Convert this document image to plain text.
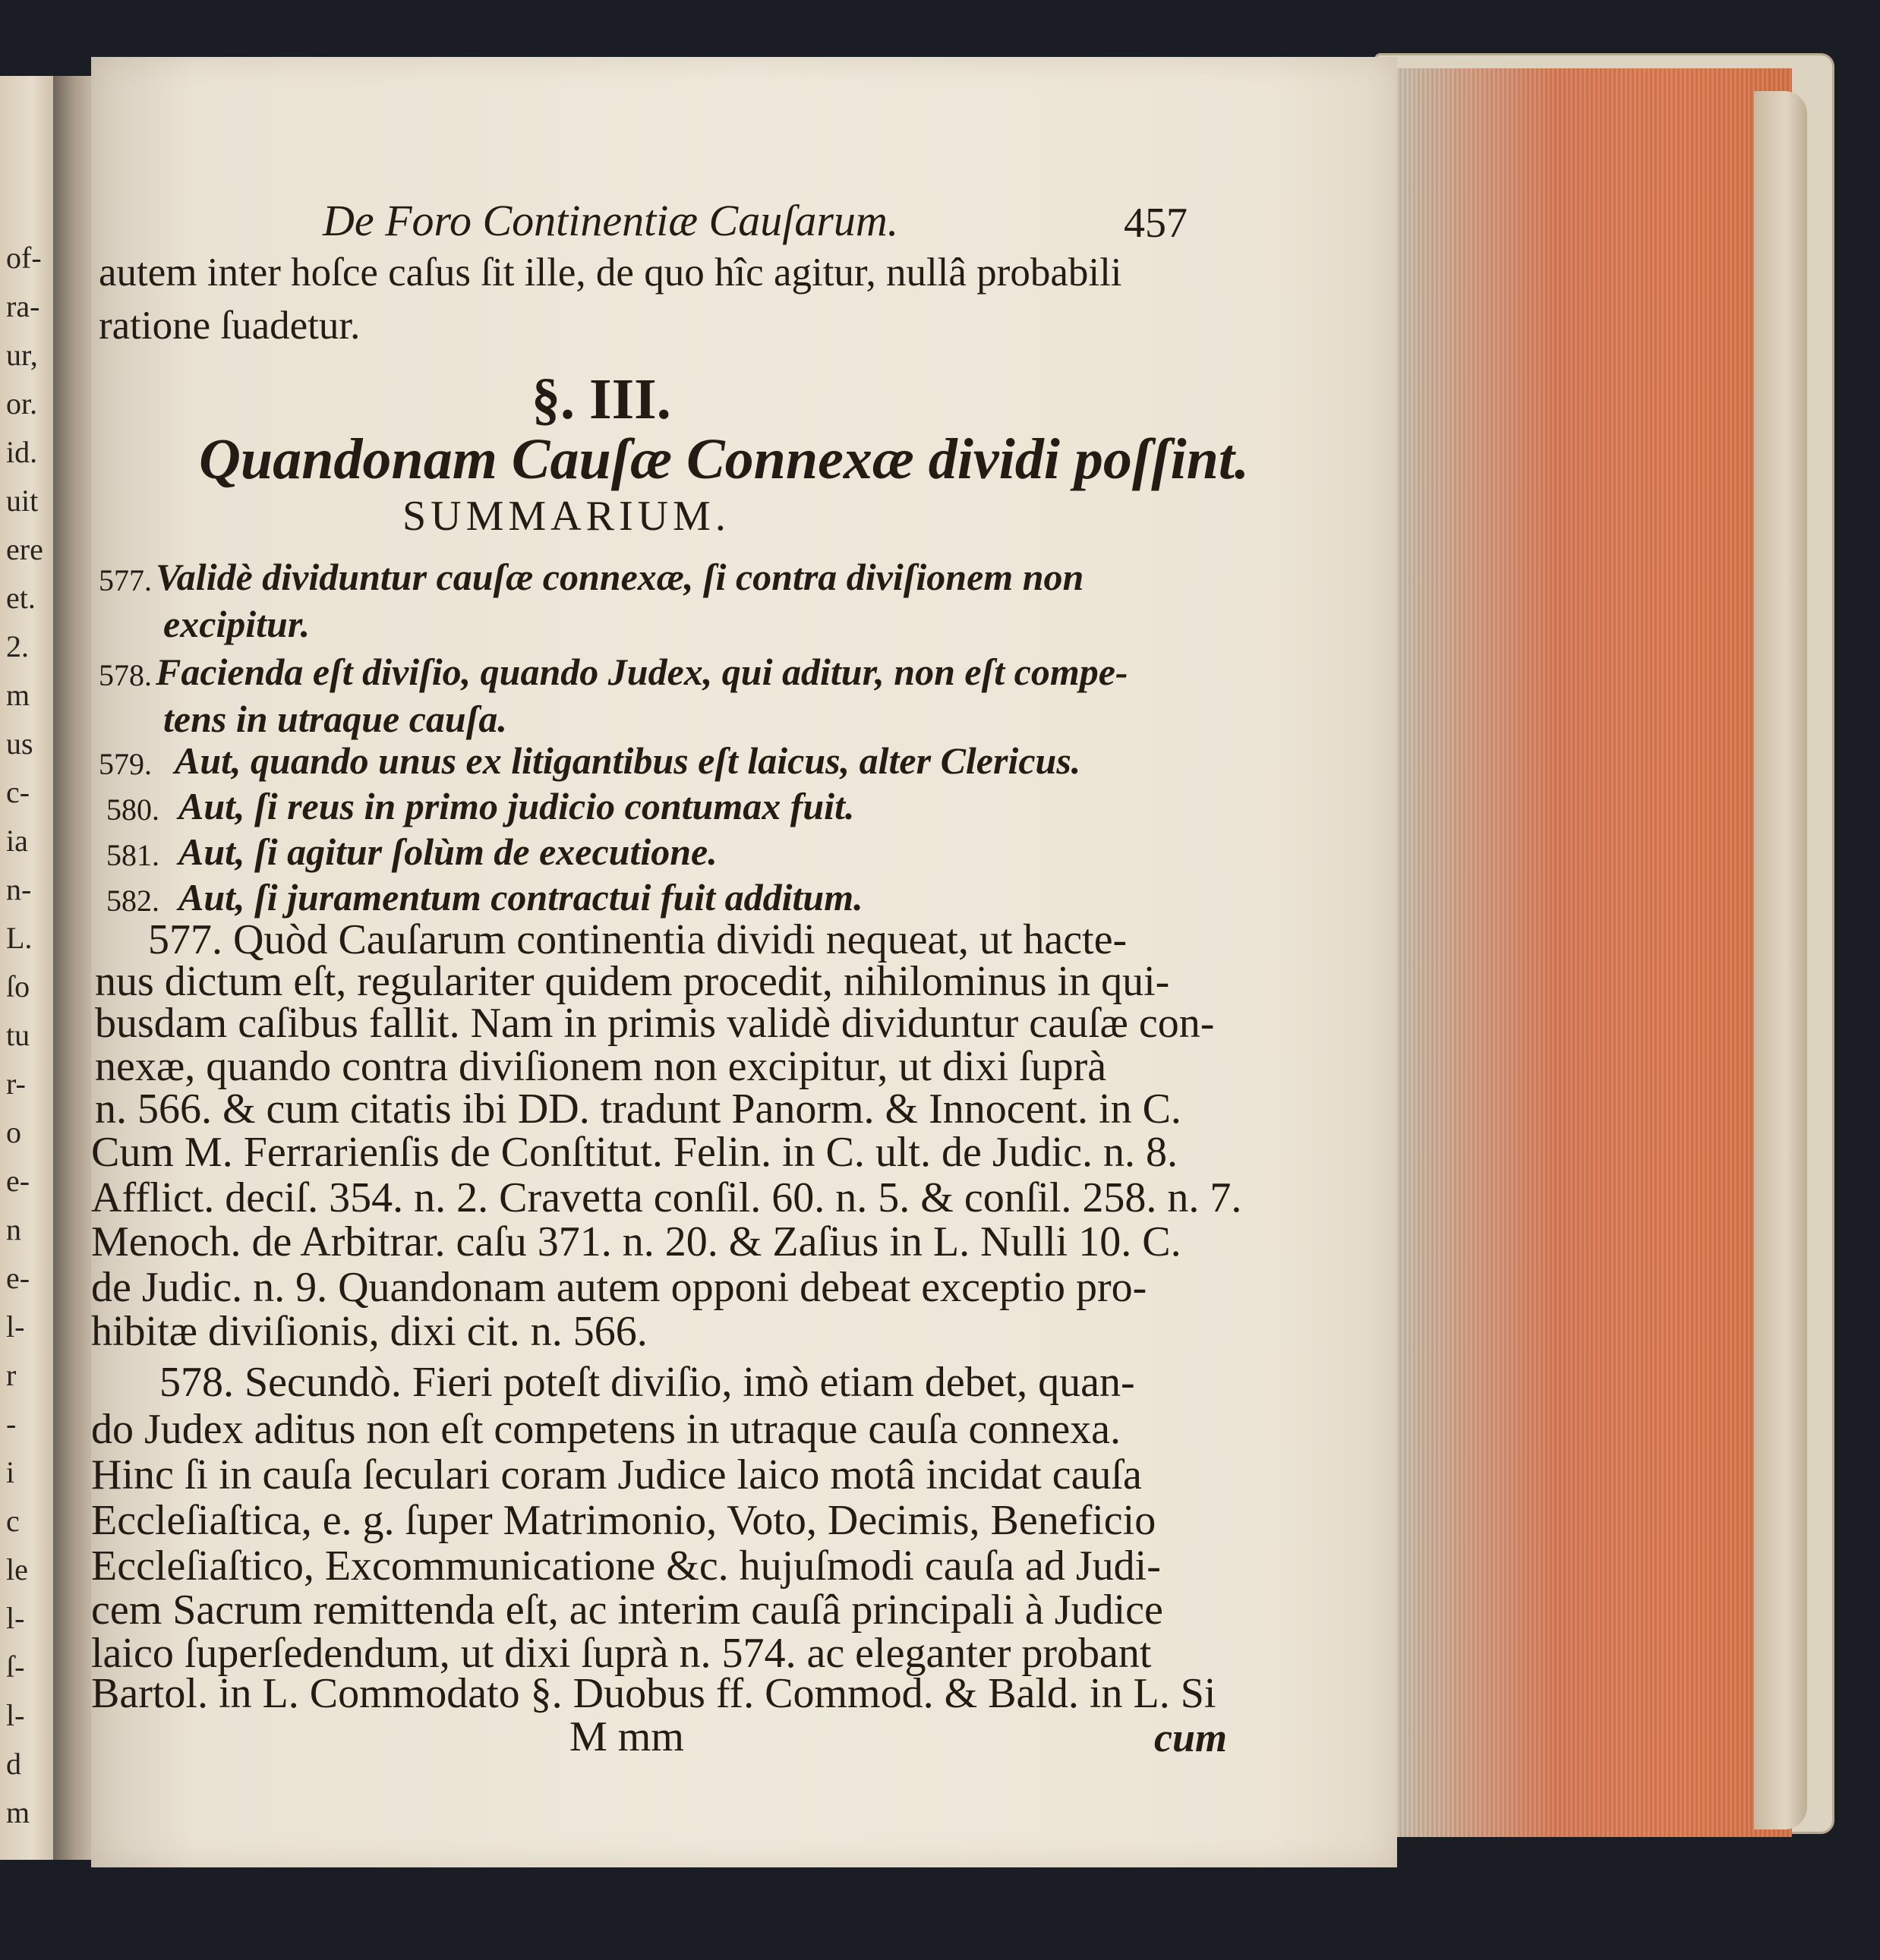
of-
ra-
ur,
or.
id.
uit
ere
et.
2.
m
us
c-
ia
n-
L.
ſo
tu
r-
o
e-
n
e-
l-
r
-
i
c
le
l-
ſ-
l-
d
m
De Foro Continentiæ Cauſarum.	457
autem inter hoſce caſus ſit ille, de quo hîc agitur, nullâ probabili
ratione ſuadetur.
§. III.
Quandonam Cauſæ Connexæ dividi poſſint.
SUMMARIUM.
577. Validè dividuntur cauſæ connexæ, ſi contra diviſionem non
excipitur.
578. Facienda eſt diviſio, quando Judex, qui aditur, non eſt compe-
tens in utraque cauſa.
579. Aut, quando unus ex litigantibus eſt laicus, alter Clericus.
580. Aut, ſi reus in primo judicio contumax fuit.
581. Aut, ſi agitur ſolùm de executione.
582. Aut, ſi juramentum contractui fuit additum.
577. Quòd Cauſarum continentia dividi nequeat, ut hacte-
nus dictum eſt, regulariter quidem procedit, nihilominus in qui-
busdam caſibus fallit. Nam in primis validè dividuntur cauſæ con-
nexæ, quando contra diviſionem non excipitur, ut dixi ſuprà
n. 566. & cum citatis ibi DD. tradunt Panorm. & Innocent. in C.
Cum M. Ferrarienſis de Conſtitut. Felin. in C. ult. de Judic. n. 8.
Afflict. deciſ. 354. n. 2. Cravetta conſil. 60. n. 5. & conſil. 258. n. 7.
Menoch. de Arbitrar. caſu 371. n. 20. & Zaſius in L. Nulli 10. C.
de Judic. n. 9. Quandonam autem opponi debeat exceptio pro-
hibitæ diviſionis, dixi cit. n. 566.
578. Secundò. Fieri poteſt diviſio, imò etiam debet, quan-
do Judex aditus non eſt competens in utraque cauſa connexa.
Hinc ſi in cauſa ſeculari coram Judice laico motâ incidat cauſa
Eccleſiaſtica, e. g. ſuper Matrimonio, Voto, Decimis, Beneficio
Eccleſiaſtico, Excommunicatione &c. hujuſmodi cauſa ad Judi-
cem Sacrum remittenda eſt, ac interim cauſâ principali à Judice
laico ſuperſedendum, ut dixi ſuprà n. 574. ac eleganter probant
Bartol. in L. Commodato §. Duobus ff. Commod. & Bald. in L. Si
M mm	cum
